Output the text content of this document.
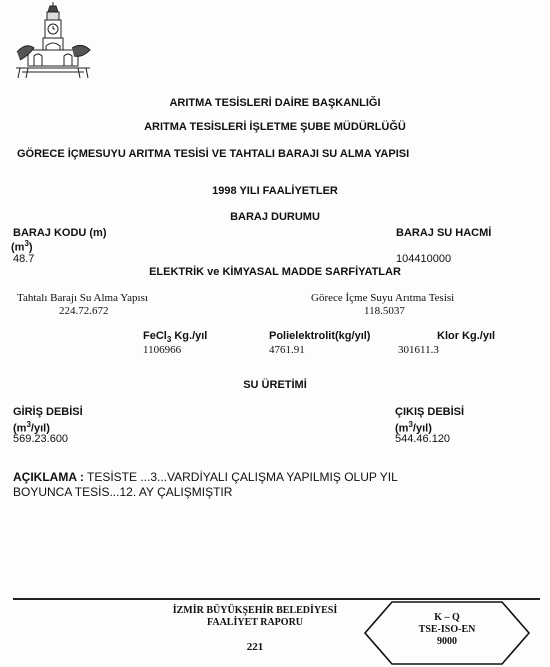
ARITMA TESİSLERİ DAİRE BAŞKANLIĞI
ARITMA TESİSLERİ İŞLETME ŞUBE MÜDÜRLÜĞÜ
GÖRECE İÇMESUYU ARITMA TESİSİ VE TAHTALI BARAJI SU ALMA YAPISI
1998 YILI FAALİYETLER
BARAJ DURUMU
BARAJ KODU (m)
$(m^3)$
48.7
BARAJ SU HACMİ
104410000
ELEKTRİK ve KİMYASAL MADDE SARFİYATLAR
Tahtalı Barajı Su Alma Yapısı
224.72.672
Görece İçme Suyu Arıtma Tesisi
118.5037
FeCl$_3$ Kg./yıl
1106966
Polielektrolit(kg/yıl)
4761.91
Klor Kg./yıl
301611.3
SU ÜRETİMİ
GİRİŞ DEBİSİ
$(m^3/yıl)$
569.23.600
ÇIKIŞ DEBİSİ
$(m^3/yıl)$
544.46.120
AÇIKLAMA : TESİSTE ...3...VARDİYALI ÇALIŞMA YAPILMIŞ OLUP YIL
BOYUNCA TESİS...12. AY ÇALIŞMIŞTIR
İZMİR BÜYÜKŞEHİR BELEDİYESİ
FAALİYET RAPORU
221
K – Q
TSE-ISO-EN
9000
